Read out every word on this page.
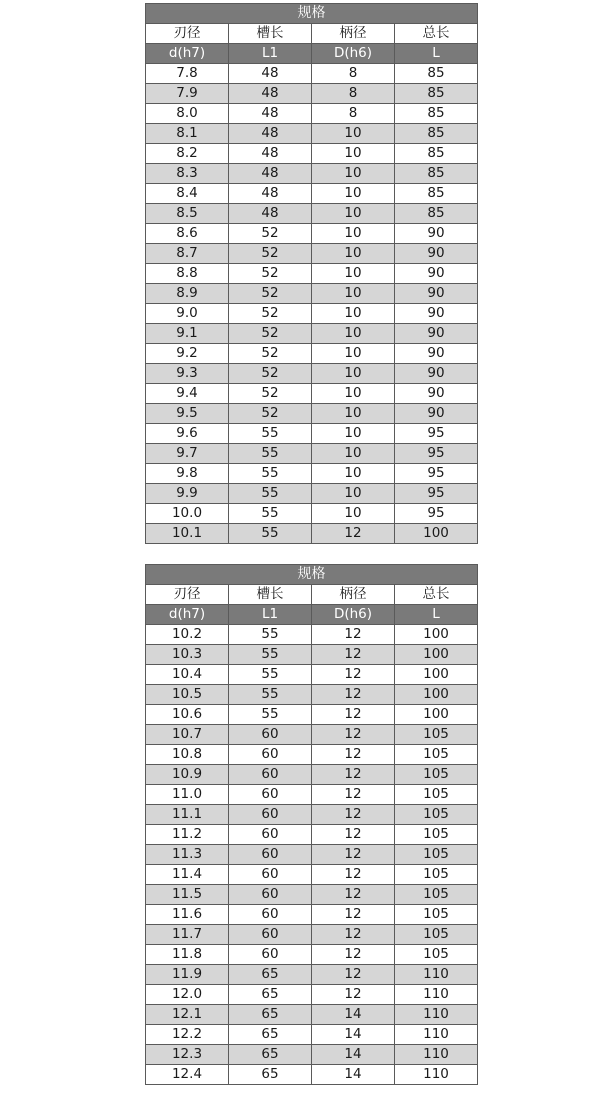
规格			
刃径	槽长	柄径	总长
d(h7)	L1	D(h6)	L
7.8	48	8	85
7.9	48	8	85
8.0	48	8	85
8.1	48	10	85
8.2	48	10	85
8.3	48	10	85
8.4	48	10	85
8.5	48	10	85
8.6	52	10	90
8.7	52	10	90
8.8	52	10	90
8.9	52	10	90
9.0	52	10	90
9.1	52	10	90
9.2	52	10	90
9.3	52	10	90
9.4	52	10	90
9.5	52	10	90
9.6	55	10	95
9.7	55	10	95
9.8	55	10	95
9.9	55	10	95
10.0	55	10	95
10.1	55	12	100
规格			
刃径	槽长	柄径	总长
d(h7)	L1	D(h6)	L
10.2	55	12	100
10.3	55	12	100
10.4	55	12	100
10.5	55	12	100
10.6	55	12	100
10.7	60	12	105
10.8	60	12	105
10.9	60	12	105
11.0	60	12	105
11.1	60	12	105
11.2	60	12	105
11.3	60	12	105
11.4	60	12	105
11.5	60	12	105
11.6	60	12	105
11.7	60	12	105
11.8	60	12	105
11.9	65	12	110
12.0	65	12	110
12.1	65	14	110
12.2	65	14	110
12.3	65	14	110
12.4	65	14	110
